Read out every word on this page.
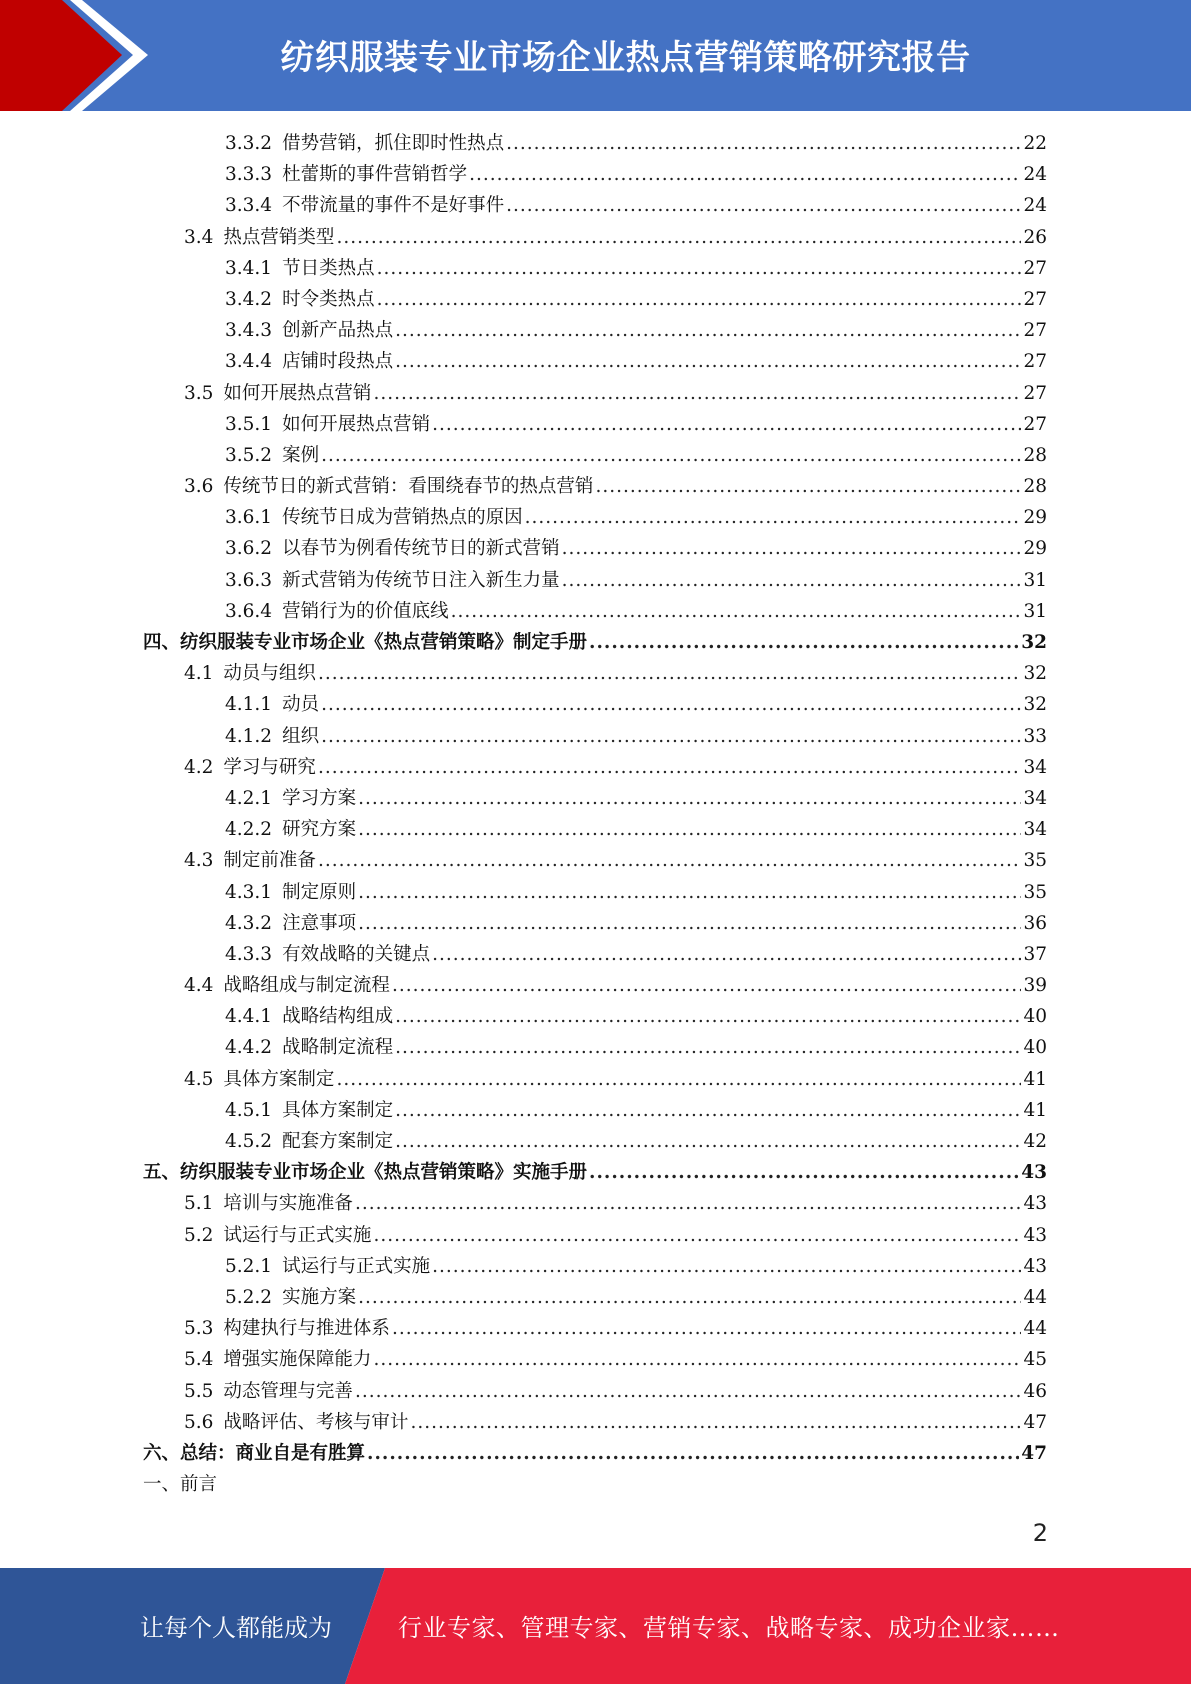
纺织服装专业市场企业热点营销策略研究报告
3.3.2 借势营销，抓住即时性热点 .....	22
3.3.3 杜蕾斯的事件营销哲学 .....	24
3.3.4 不带流量的事件不是好事件 .....	24
3.4 热点营销类型 .....	26
3.4.1 节日类热点 .....	27
3.4.2 时令类热点 .....	27
3.4.3 创新产品热点 .....	27
3.4.4 店铺时段热点 .....	27
3.5 如何开展热点营销 .....	27
3.5.1 如何开展热点营销 .....	27
3.5.2 案例 .....	28
3.6 传统节日的新式营销：看围绕春节的热点营销 .....	28
3.6.1 传统节日成为营销热点的原因 .....	29
3.6.2 以春节为例看传统节日的新式营销 .....	29
3.6.3 新式营销为传统节日注入新生力量 .....	31
3.6.4 营销行为的价值底线 .....	31
四、纺织服装专业市场企业《热点营销策略》制定手册 .....	32
4.1 动员与组织 .....	32
4.1.1 动员 .....	32
4.1.2 组织 .....	33
4.2 学习与研究 .....	34
4.2.1 学习方案 .....	34
4.2.2 研究方案 .....	34
4.3 制定前准备 .....	35
4.3.1 制定原则 .....	35
4.3.2 注意事项 .....	36
4.3.3 有效战略的关键点 .....	37
4.4 战略组成与制定流程 .....	39
4.4.1 战略结构组成 .....	40
4.4.2 战略制定流程 .....	40
4.5 具体方案制定 .....	41
4.5.1 具体方案制定 .....	41
4.5.2 配套方案制定 .....	42
五、纺织服装专业市场企业《热点营销策略》实施手册 .....	43
5.1 培训与实施准备 .....	43
5.2 试运行与正式实施 .....	43
5.2.1 试运行与正式实施 .....	43
5.2.2 实施方案 .....	44
5.3 构建执行与推进体系 .....	44
5.4 增强实施保障能力 .....	45
5.5 动态管理与完善 .....	46
5.6 战略评估、考核与审计 .....	47
六、总结：商业自是有胜算 .....	47
一、前言
2
让每个人都能成为	行业专家、管理专家、营销专家、战略专家、成功企业家……
